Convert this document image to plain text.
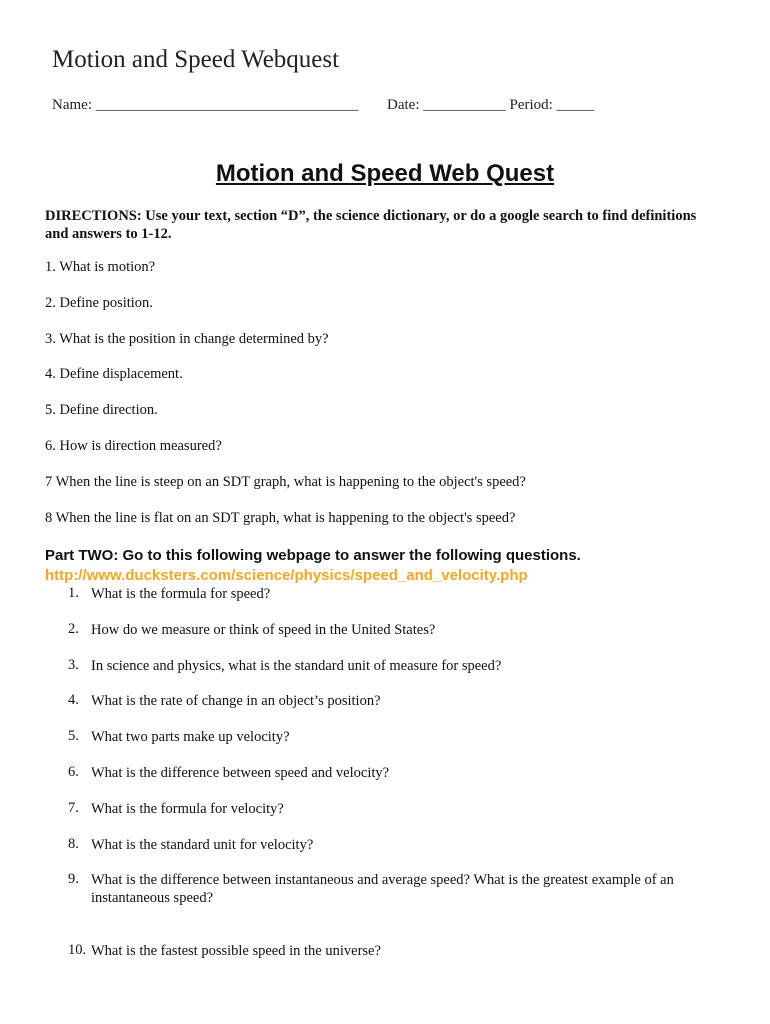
Motion and Speed Webquest
Name: ___________________________________ Date: ___________ Period: _____
Motion and Speed Web Quest
DIRECTIONS: Use your text, section “D”, the science dictionary, or do a google search to find definitions and answers to 1-12.
1. What is motion?
2. Define position.
3. What is the position in change determined by?
4. Define displacement.
5. Define direction.
6. How is direction measured?
7 When the line is steep on an SDT graph, what is happening to the object's speed?
8 When the line is flat on an SDT graph, what is happening to the object's speed?
Part TWO: Go to this following webpage to answer the following questions.
http://www.ducksters.com/science/physics/speed_and_velocity.php
1. What is the formula for speed?
2. How do we measure or think of speed in the United States?
3. In science and physics, what is the standard unit of measure for speed?
4. What is the rate of change in an object’s position?
5. What two parts make up velocity?
6. What is the difference between speed and velocity?
7. What is the formula for velocity?
8. What is the standard unit for velocity?
9. What is the difference between instantaneous and average speed? What is the greatest example of an instantaneous speed?
10. What is the fastest possible speed in the universe?
